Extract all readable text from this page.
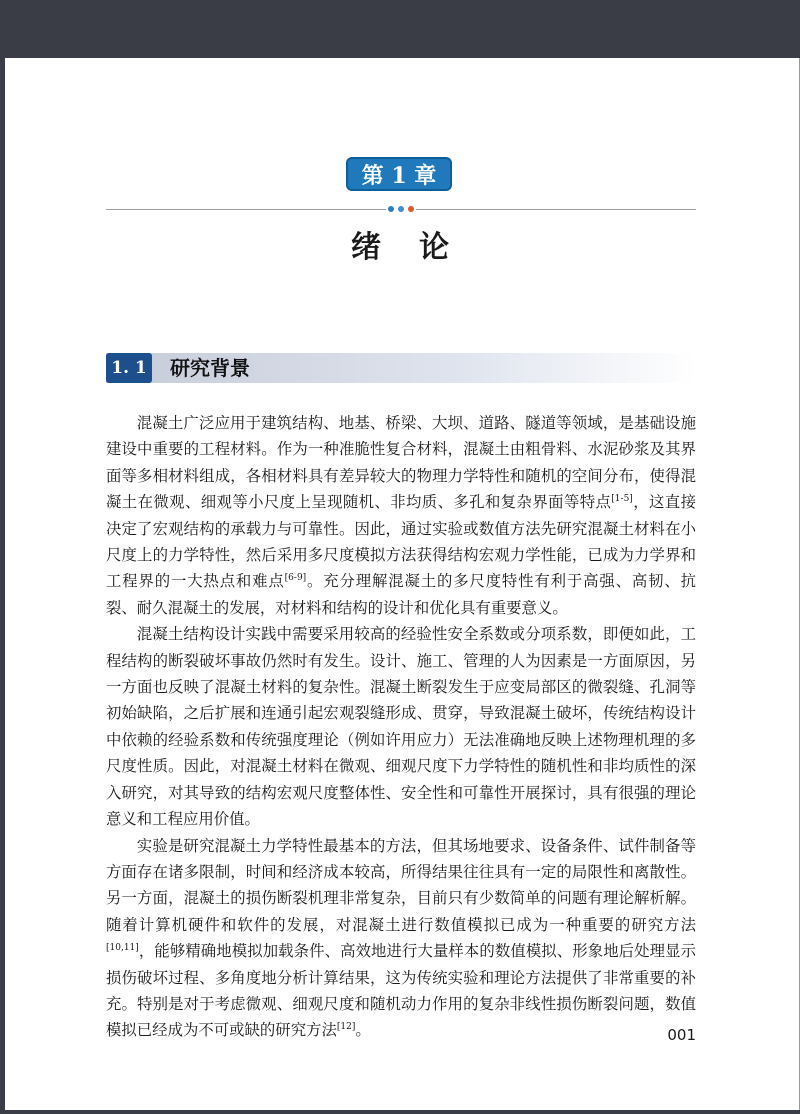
第 1 章
绪论
1. 1 研究背景

混凝土广泛应用于建筑结构、地基、桥梁、大坝、道路、隧道等领域，是基础设施建设中重要的工程材料。作为一种准脆性复合材料，混凝土由粗骨料、水泥砂浆及其界面等多相材料组成，各相材料具有差异较大的物理力学特性和随机的空间分布，使得混凝土在微观、细观等小尺度上呈现随机、非均质、多孔和复杂界面等特点[1-5]，这直接决定了宏观结构的承载力与可靠性。因此，通过实验或数值方法先研究混凝土材料在小尺度上的力学特性，然后采用多尺度模拟方法获得结构宏观力学性能，已成为力学界和工程界的一大热点和难点[6-9]。充分理解混凝土的多尺度特性有利于高强、高韧、抗裂、耐久混凝土的发展，对材料和结构的设计和优化具有重要意义。

混凝土结构设计实践中需要采用较高的经验性安全系数或分项系数，即便如此，工程结构的断裂破坏事故仍然时有发生。设计、施工、管理的人为因素是一方面原因，另一方面也反映了混凝土材料的复杂性。混凝土断裂发生于应变局部区的微裂缝、孔洞等初始缺陷，之后扩展和连通引起宏观裂缝形成、贯穿，导致混凝土破坏，传统结构设计中依赖的经验系数和传统强度理论（例如许用应力）无法准确地反映上述物理机理的多尺度性质。因此，对混凝土材料在微观、细观尺度下力学特性的随机性和非均质性的深入研究，对其导致的结构宏观尺度整体性、安全性和可靠性开展探讨，具有很强的理论意义和工程应用价值。

实验是研究混凝土力学特性最基本的方法，但其场地要求、设备条件、试件制备等方面存在诸多限制，时间和经济成本较高，所得结果往往具有一定的局限性和离散性。另一方面，混凝土的损伤断裂机理非常复杂，目前只有少数简单的问题有理论解析解。随着计算机硬件和软件的发展，对混凝土进行数值模拟已成为一种重要的研究方法[10,11]，能够精确地模拟加载条件、高效地进行大量样本的数值模拟、形象地后处理显示损伤破坏过程、多角度地分析计算结果，这为传统实验和理论方法提供了非常重要的补充。特别是对于考虑微观、细观尺度和随机动力作用的复杂非线性损伤断裂问题，数值模拟已经成为不可或缺的研究方法[12]。	001
